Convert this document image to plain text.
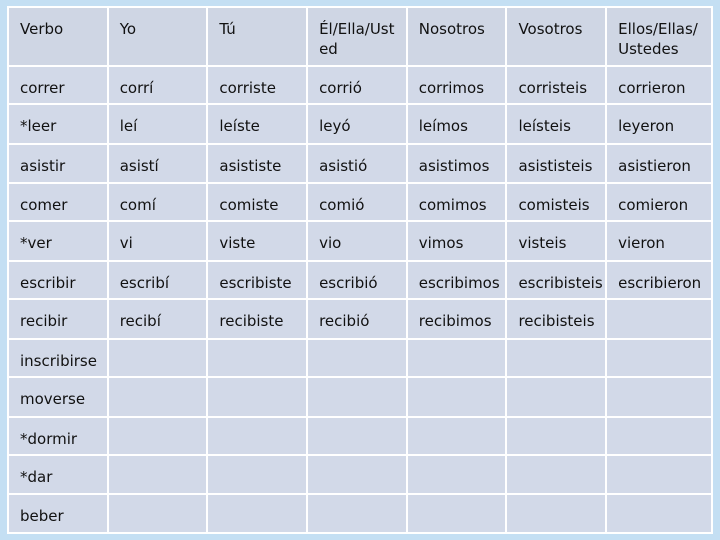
Verbo	Yo	Tú	Él/Ella/Ust ed	Nosotros	Vosotros	Ellos/Ellas/ Ustedes
correr	corrí	corriste	corrió	corrimos	corristeis	corrieron
*leer	leí	leíste	leyó	leímos	leísteis	leyeron
asistir	asistí	asististe	asistió	asistimos	asististeis	asistieron
comer	comí	comiste	comió	comimos	comisteis	comieron
*ver	vi	viste	vio	vimos	visteis	vieron
escribir	escribí	escribiste	escribió	escribimos	escribisteis	escribieron
recibir	recibí	recibiste	recibió	recibimos	recibisteis	
inscribirse						
moverse						
*dormir						
*dar						
beber						
